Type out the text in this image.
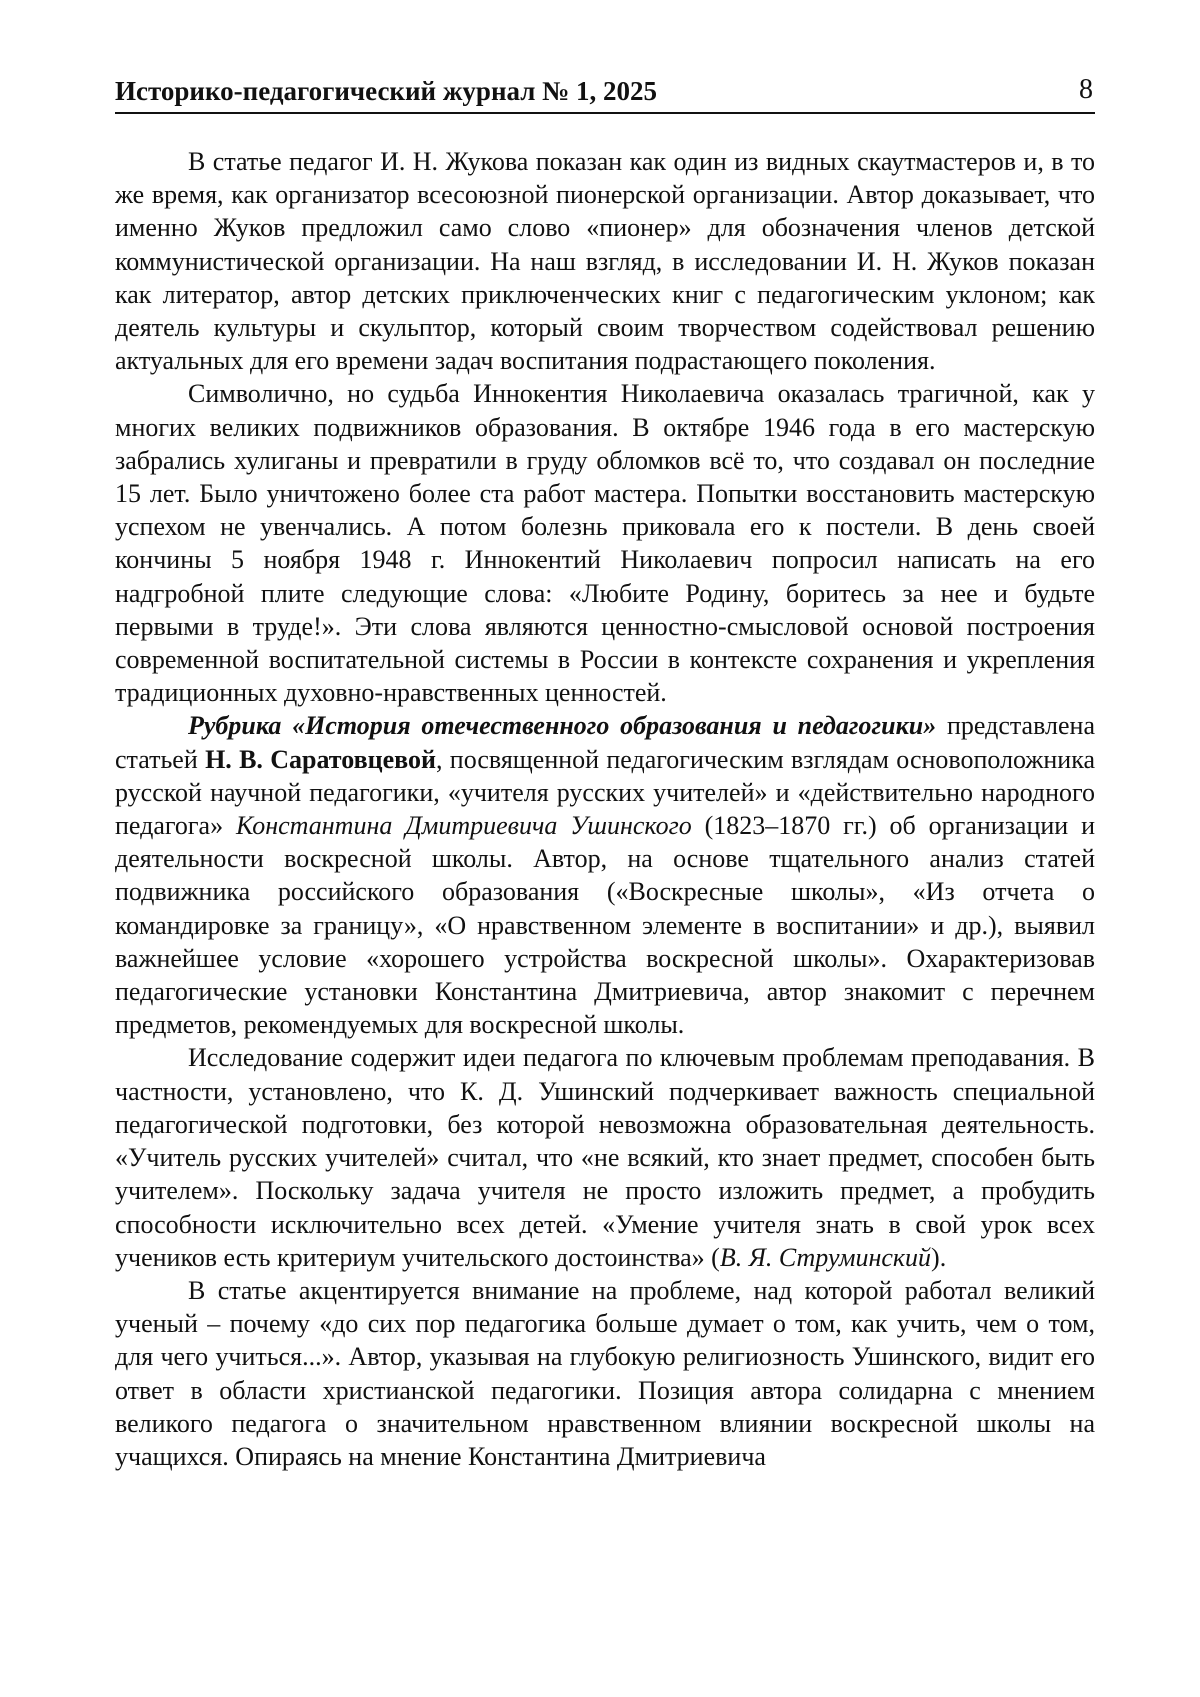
Историко-педагогический журнал № 1, 2025	8

В статье педагог И. Н. Жукова показан как один из видных скаутмастеров и, в то же время, как организатор всесоюзной пионерской организации. Автор доказывает, что именно Жуков предложил само слово «пионер» для обозначения членов детской коммунистической организации. На наш взгляд, в исследовании И. Н. Жуков показан как литератор, автор детских приключенческих книг с педагогическим уклоном; как деятель культуры и скульптор, который своим творчеством содействовал решению актуальных для его времени задач воспитания подрастающего поколения.

Символично, но судьба Иннокентия Николаевича оказалась трагичной, как у многих великих подвижников образования. В октябре 1946 года в его мастерскую забрались хулиганы и превратили в груду обломков всё то, что создавал он последние 15 лет. Было уничтожено более ста работ мастера. Попытки восстановить мастерскую успехом не увенчались. А потом болезнь приковала его к постели. В день своей кончины 5 ноября 1948 г. Иннокентий Николаевич попросил написать на его надгробной плите следующие слова: «Любите Родину, боритесь за нее и будьте первыми в труде!». Эти слова являются ценностно-смысловой основой построения современной воспитательной системы в России в контексте сохранения и укрепления традиционных духовно-нравственных ценностей.

Рубрика «История отечественного образования и педагогики» представлена статьей Н. В. Саратовцевой, посвященной педагогическим взглядам основоположника русской научной педагогики, «учителя русских учителей» и «действительно народного педагога» Константина Дмитриевича Ушинского (1823–1870 гг.) об организации и деятельности воскресной школы. Автор, на основе тщательного анализ статей подвижника российского образования («Воскресные школы», «Из отчета о командировке за границу», «О нравственном элементе в воспитании» и др.), выявил важнейшее условие «хорошего устройства воскресной школы». Охарактеризовав педагогические установки Константина Дмитриевича, автор знакомит с перечнем предметов, рекомендуемых для воскресной школы.

Исследование содержит идеи педагога по ключевым проблемам преподавания. В частности, установлено, что К. Д. Ушинский подчеркивает важность специальной педагогической подготовки, без которой невозможна образовательная деятельность. «Учитель русских учителей» считал, что «не всякий, кто знает предмет, способен быть учителем». Поскольку задача учителя не просто изложить предмет, а пробудить способности исключительно всех детей. «Умение учителя знать в свой урок всех учеников есть критериум учительского достоинства» (В. Я. Струминский).

В статье акцентируется внимание на проблеме, над которой работал великий ученый – почему «до сих пор педагогика больше думает о том, как учить, чем о том, для чего учиться...». Автор, указывая на глубокую религиозность Ушинского, видит его ответ в области христианской педагогики. Позиция автора солидарна с мнением великого педагога о значительном нравственном влиянии воскресной школы на учащихся. Опираясь на мнение Константина Дмитриевича
